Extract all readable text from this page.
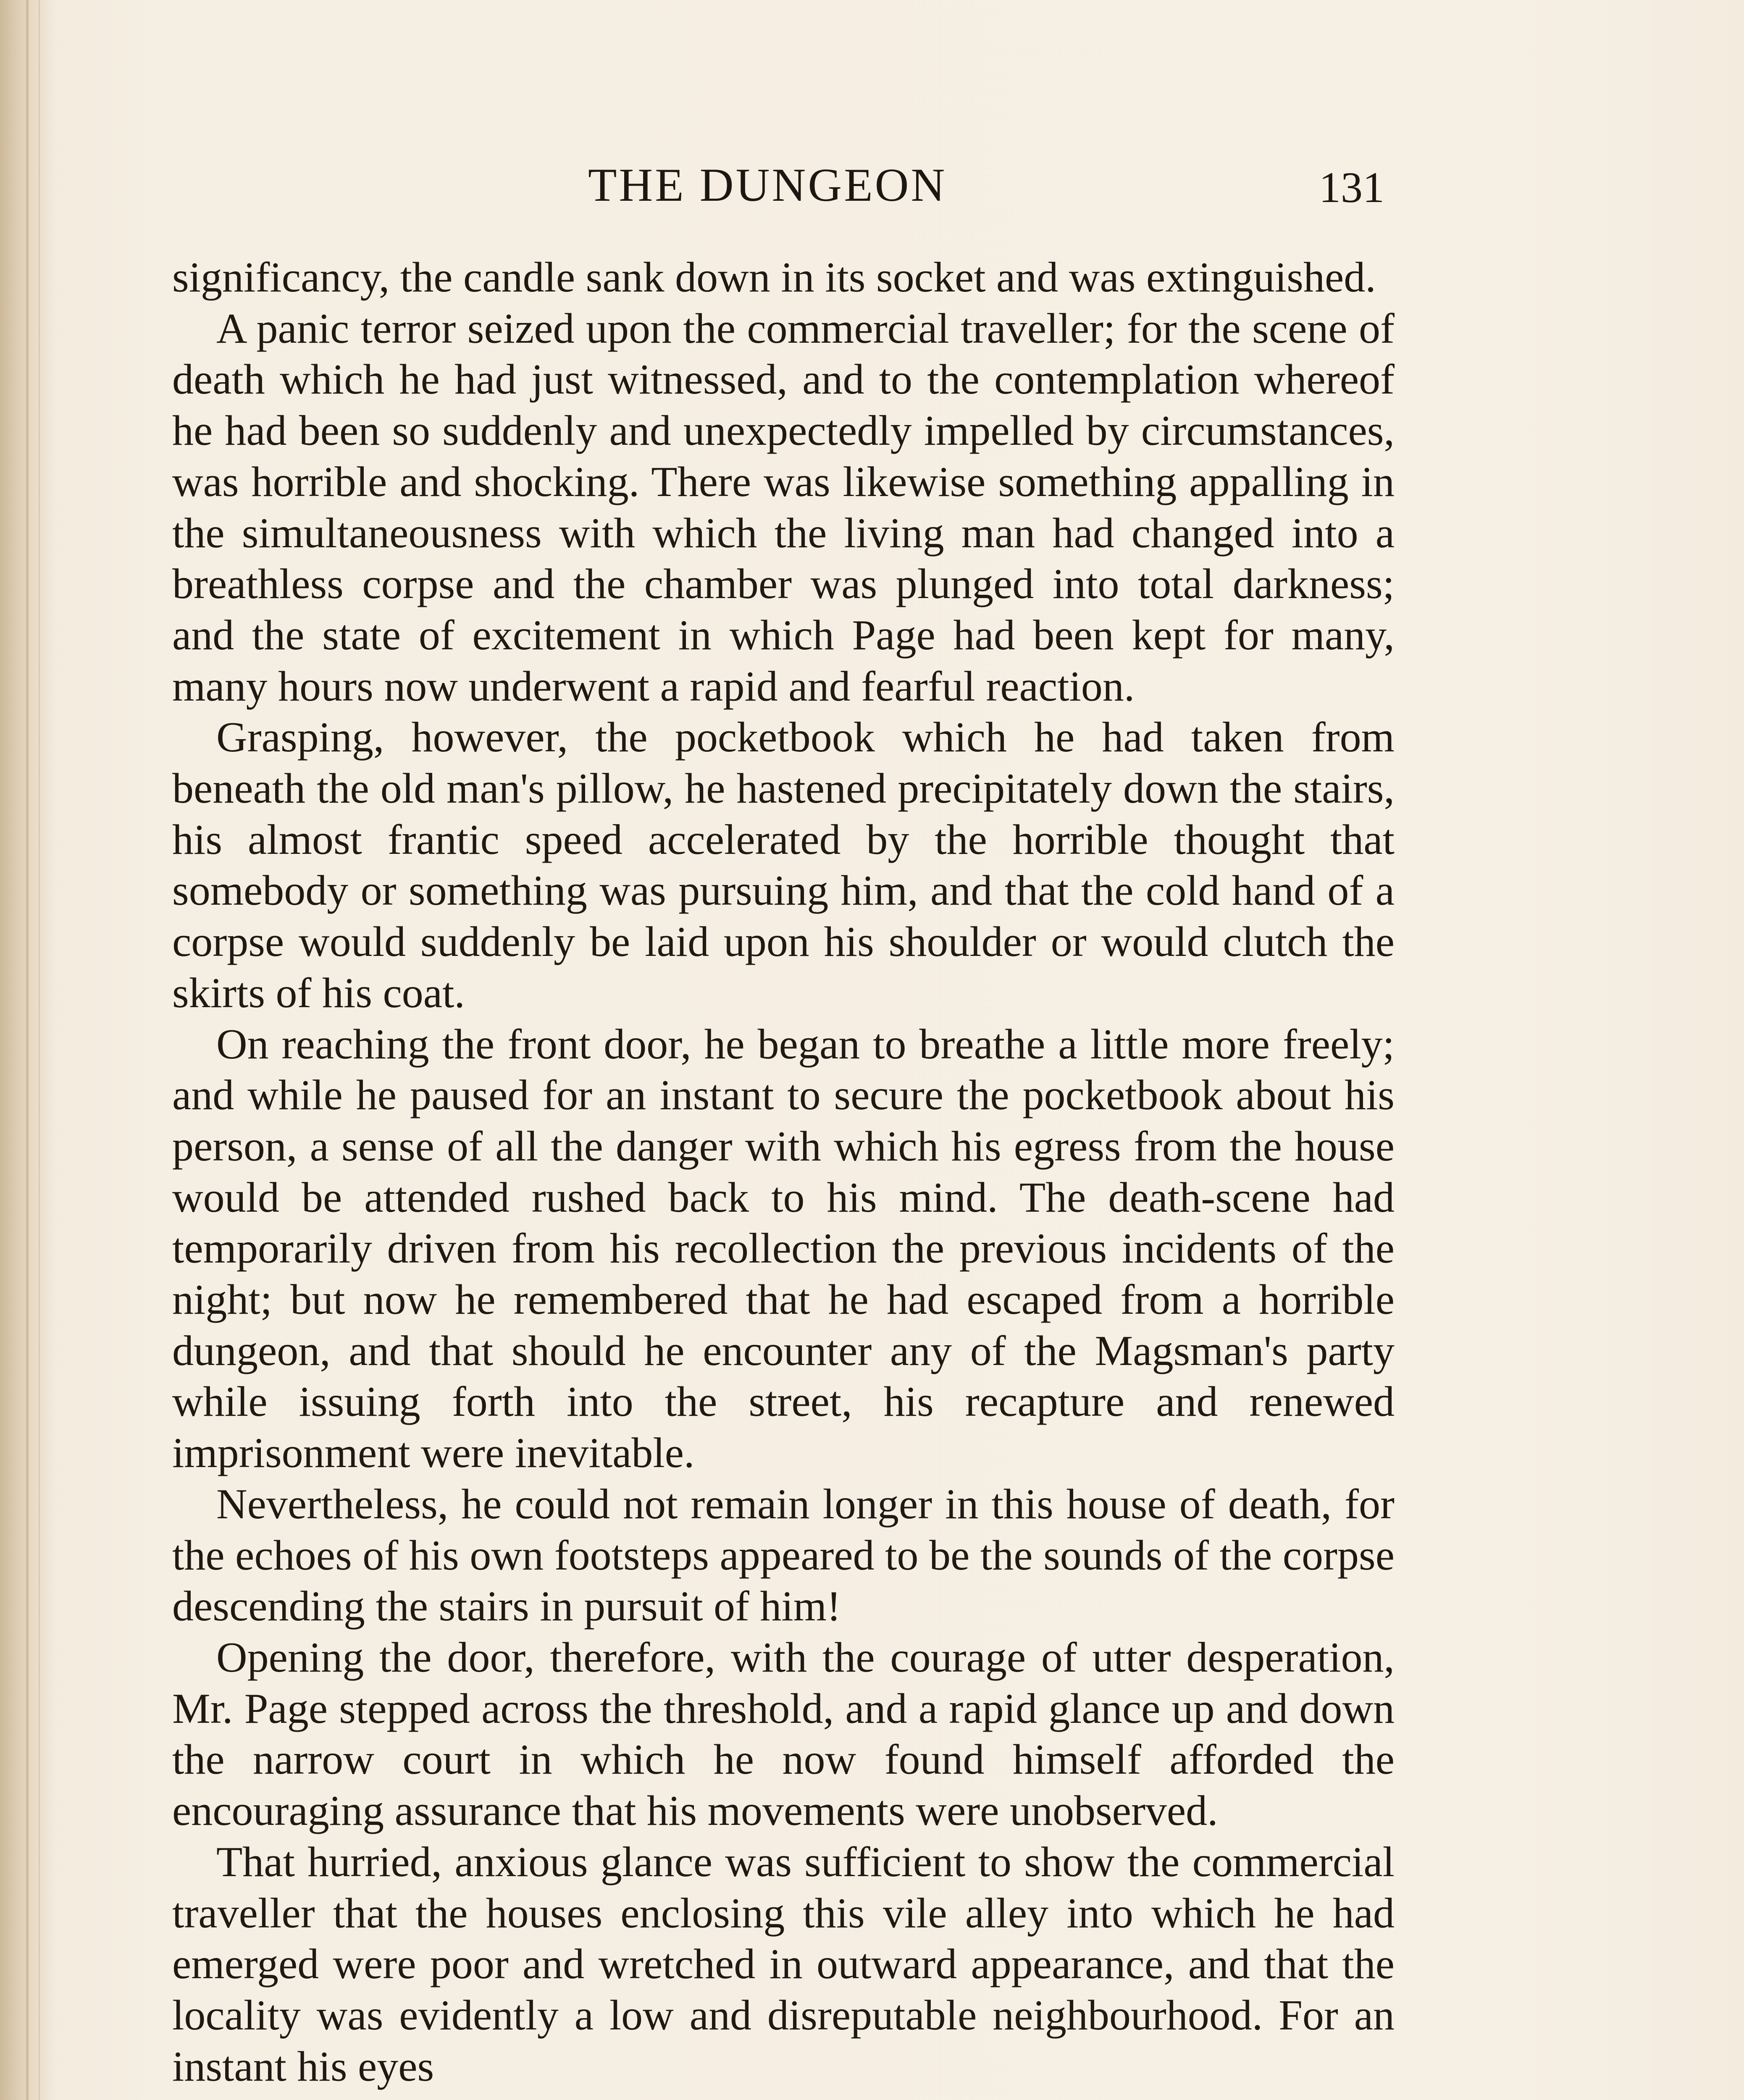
THE DUNGEON	131

significancy, the candle sank down in its socket and was extinguished.

A panic terror seized upon the commercial traveller; for the scene of death which he had just witnessed, and to the contemplation whereof he had been so suddenly and unexpectedly impelled by circumstances, was horrible and shocking. There was likewise something appalling in the simultaneousness with which the living man had changed into a breathless corpse and the chamber was plunged into total darkness; and the state of excitement in which Page had been kept for many, many hours now underwent a rapid and fearful reaction.

Grasping, however, the pocketbook which he had taken from beneath the old man's pillow, he hastened precipitately down the stairs, his almost frantic speed accelerated by the horrible thought that somebody or something was pursuing him, and that the cold hand of a corpse would suddenly be laid upon his shoulder or would clutch the skirts of his coat.

On reaching the front door, he began to breathe a little more freely; and while he paused for an instant to secure the pocketbook about his person, a sense of all the danger with which his egress from the house would be attended rushed back to his mind. The death-scene had temporarily driven from his recollection the previous incidents of the night; but now he remembered that he had escaped from a horrible dungeon, and that should he encounter any of the Magsman's party while issuing forth into the street, his recapture and renewed imprisonment were inevitable.

Nevertheless, he could not remain longer in this house of death, for the echoes of his own footsteps appeared to be the sounds of the corpse descending the stairs in pursuit of him!

Opening the door, therefore, with the courage of utter desperation, Mr. Page stepped across the threshold, and a rapid glance up and down the narrow court in which he now found himself afforded the encouraging assurance that his movements were unobserved.

That hurried, anxious glance was sufficient to show the commercial traveller that the houses enclosing this vile alley into which he had emerged were poor and wretched in outward appearance, and that the locality was evidently a low and disreputable neighbourhood. For an instant his eyes
